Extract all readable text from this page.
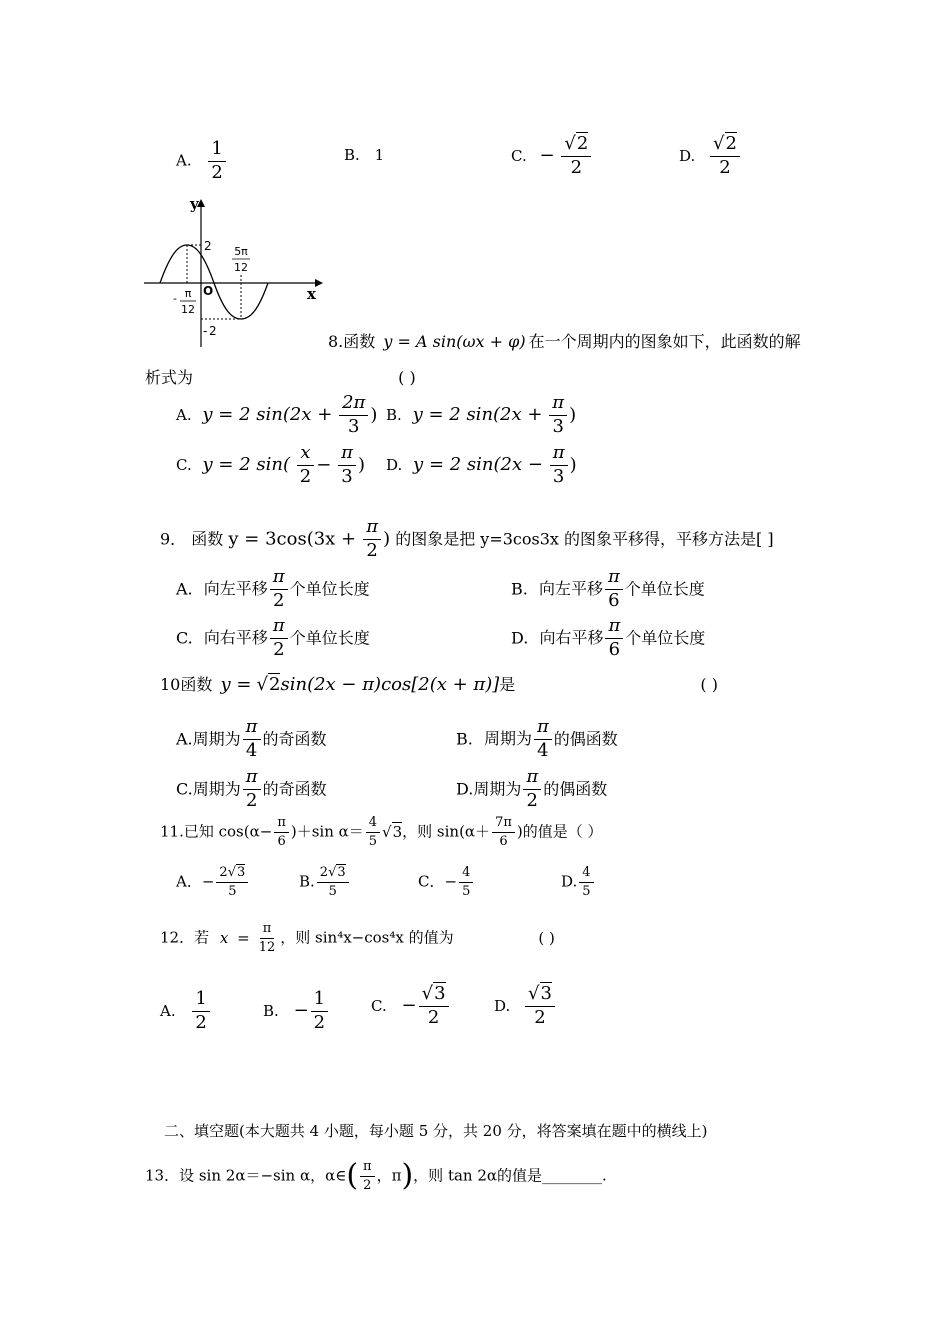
A. $\frac{1}{2}$	B. 1	C. − $\frac{√2}{2}$	D. $\frac{√2}{2}$
y
x
O
2
- 2
5π
12
- π
12
8.函数 y = A sin(ωx + φ) 在一个周期内的图象如下，此函数的解
析式为	( )
A. y = 2 $\sin(2x + \frac{2\pi}{3}$ ) B. y = 2 $\sin(2x + \frac{\pi}{3}$ )
C. y = 2 $\sin( \frac{x}{2} - \frac{\pi}{3}$ ) D. y = 2 $\sin(2x - \frac{\pi}{3}$ )
9． 函数 $y = 3\cos(3x + \frac{\pi}{2}$ ) 的图象是把 y=3cos3x 的图象平移得，平移方法是[ ]
A. 向左平移 $\frac{\pi}{2}$ 个单位长度	B. 向左平移 $\frac{\pi}{6}$ 个单位长度
C. 向右平移 $\frac{\pi}{2}$ 个单位长度	D. 向右平移 $\frac{\pi}{6}$ 个单位长度
10函数 y = √2sin(2x − π)cos[2(x + π)]是	( )
A.周期为 $\frac{\pi}{4}$ 的奇函数	B. 周期为 $\frac{\pi}{4}$ 的偶函数
C.周期为 $\frac{\pi}{2}$ 的奇函数	D.周期为 $\frac{\pi}{2}$ 的偶函数
11.已知 $\cos(\alpha- \frac{\pi}{6} )+\sin$ $\alpha= \frac{4}{5} √3$，则 $\sin(\alpha+ \frac{7\pi}{6}$ )的值是（ ）
A．− $\frac{2√3}{5}$	B. $\frac{2√3}{5}$	C．− $\frac{4}{5}$	D. $\frac{4}{5}$
12．若 $x = \frac{\pi}{12}$ ，则 sin⁴x−cos⁴x 的值为	( )
A. $\frac{1}{2}$	B. − $\frac{1}{2}$	C. − $\frac{√3}{2}$	D. $\frac{√3}{2}$
二、填空题(本大题共 4 小题，每小题 5 分，共 20 分，将答案填在题中的横线上)
13．设 sin 2α＝−sin α，α∈( $\frac{\pi}{2}$ ，π)，则 tan 2α的值是________.
